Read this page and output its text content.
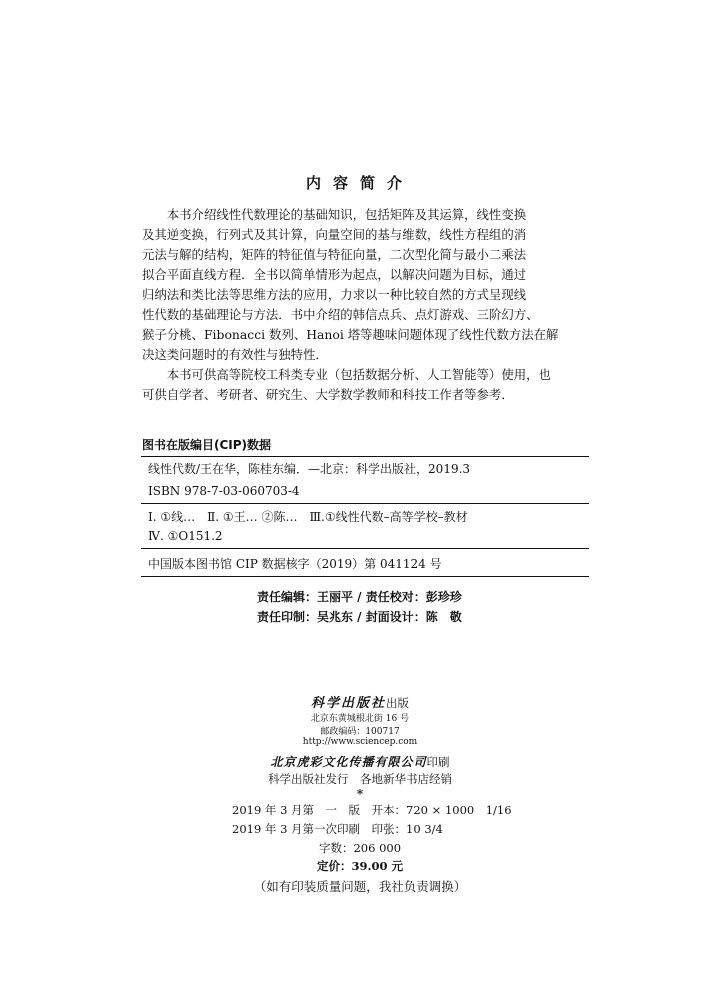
内容简介
　　本书介绍线性代数理论的基础知识，包括矩阵及其运算，线性变换
及其逆变换，行列式及其计算，向量空间的基与维数，线性方程组的消
元法与解的结构，矩阵的特征值与特征向量，二次型化简与最小二乘法
拟合平面直线方程．全书以简单情形为起点，以解决问题为目标，通过
归纳法和类比法等思维方法的应用，力求以一种比较自然的方式呈现线
性代数的基础理论与方法．书中介绍的韩信点兵、点灯游戏、三阶幻方、
猴子分桃、Fibonacci 数列、Hanoi 塔等趣味问题体现了线性代数方法在解
决这类问题时的有效性与独特性．
　　本书可供高等院校工科类专业（包括数据分析、人工智能等）使用，也
可供自学者、考研者、研究生、大学数学教师和科技工作者等参考．
图书在版编目(CIP)数据
线性代数/王在华，陈桂东编．—北京：科学出版社，2019.3
ISBN 978-7-03-060703-4
Ⅰ. ①线…　Ⅱ. ①王… ②陈…　Ⅲ.①线性代数–高等学校–教材
Ⅳ. ①O151.2
中国版本图书馆 CIP 数据核字（2019）第 041124 号
责任编辑：王丽平 / 责任校对：彭珍珍
责任印制：吴兆东 / 封面设计：陈　敬
科学出版社出版
北京东黄城根北街 16 号
邮政编码：100717
http://www.sciencep.com
北京虎彩文化传播有限公司印刷
科学出版社发行　各地新华书店经销
*
2019 年 3 月第　一　版　开本：720 × 1000　1/16
2019 年 3 月第一次印刷　印张：10 3/4
字数：206 000
定价：39.00 元
（如有印装质量问题，我社负责调换）
